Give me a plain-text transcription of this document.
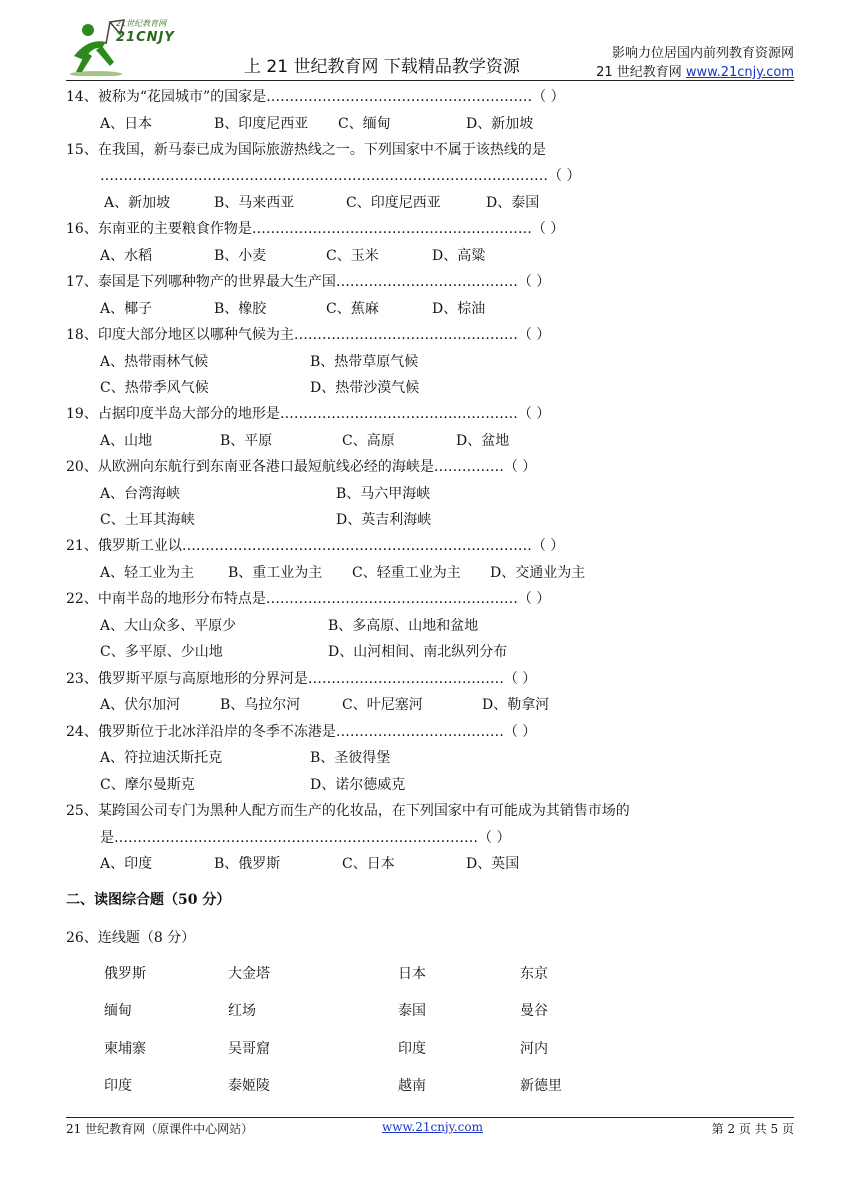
21世纪教育网
21CNJY
上 21 世纪教育网 下载精品教学资源
影响力位居国内前列教育资源网
21 世纪教育网 www.21cnjy.com
14、被称为“花园城市”的国家是…………………………………………………（ ）
A、日本	B、印度尼西亚 C、缅甸	D、新加坡
15、在我国，新马泰已成为国际旅游热线之一。下列国家中不属于该热线的是
……………………………………………………………………………………（ ）
A、新加坡	B、马来西亚	C、印度尼西亚	D、泰国
16、东南亚的主要粮食作物是……………………………………………………（ ）
A、水稻	B、小麦	C、玉米	D、高粱
17、泰国是下列哪种物产的世界最大生产国…………………………………（ ）
A、椰子	B、橡胶	C、蕉麻	D、棕油
18、印度大部分地区以哪种气候为主…………………………………………（ ）
A、热带雨林气候	B、热带草原气候
C、热带季风气候	D、热带沙漠气候
19、占据印度半岛大部分的地形是……………………………………………（ ）
A、山地	B、平原	C、高原	D、盆地
20、从欧洲向东航行到东南亚各港口最短航线必经的海峡是……………（ ）
A、台湾海峡	B、马六甲海峡
C、土耳其海峡	D、英吉利海峡
21、俄罗斯工业以…………………………………………………………………（ ）
A、轻工业为主 B、重工业为主 C、轻重工业为主 D、交通业为主
22、中南半岛的地形分布特点是………………………………………………（ ）
A、大山众多、平原少	B、多高原、山地和盆地
C、多平原、少山地	D、山河相间、南北纵列分布
23、俄罗斯平原与高原地形的分界河是……………………………………（ ）
A、伏尔加河	B、乌拉尔河	C、叶尼塞河	D、勒拿河
24、俄罗斯位于北冰洋沿岸的冬季不冻港是………………………………（ ）
A、符拉迪沃斯托克	B、圣彼得堡
C、摩尔曼斯克	D、诺尔德威克
25、某跨国公司专门为黑种人配方而生产的化妆品，在下列国家中有可能成为其销售市场的
是……………………………………………………………………（ ）
A、印度	B、俄罗斯	C、日本	D、英国
二、读图综合题（50 分）
26、连线题（8 分）
俄罗斯	大金塔	日本	东京
缅甸	红场	泰国	曼谷
柬埔寨	吴哥窟	印度	河内
印度	泰姬陵	越南	新德里
21 世纪教育网（原课件中心网站）	www.21cnjy.com	第 2 页 共 5 页
